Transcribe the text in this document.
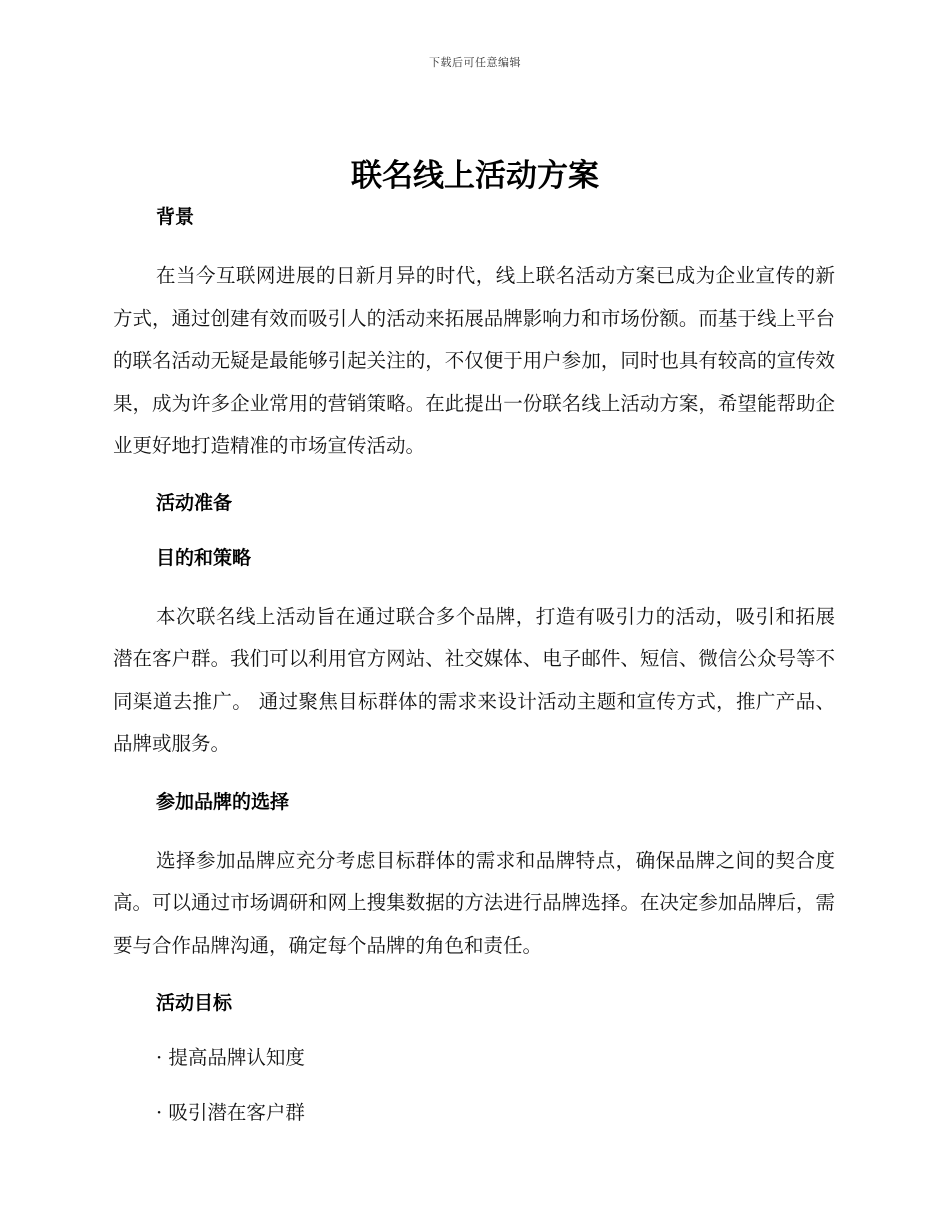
下载后可任意编辑
联名线上活动方案
背景

在当今互联网进展的日新月异的时代，线上联名活动方案已成为企业宣传的新方式，通过创建有效而吸引人的活动来拓展品牌影响力和市场份额。而基于线上平台的联名活动无疑是最能够引起关注的，不仅便于用户参加，同时也具有较高的宣传效果，成为许多企业常用的营销策略。在此提出一份联名线上活动方案，希望能帮助企业更好地打造精准的市场宣传活动。

活动准备
目的和策略

本次联名线上活动旨在通过联合多个品牌，打造有吸引力的活动，吸引和拓展潜在客户群。我们可以利用官方网站、社交媒体、电子邮件、短信、微信公众号等不同渠道去推广。 通过聚焦目标群体的需求来设计活动主题和宣传方式，推广产品、品牌或服务。

参加品牌的选择

选择参加品牌应充分考虑目标群体的需求和品牌特点，确保品牌之间的契合度高。可以通过市场调研和网上搜集数据的方法进行品牌选择。在决定参加品牌后，需要与合作品牌沟通，确定每个品牌的角色和责任。

活动目标
· 提高品牌认知度
· 吸引潜在客户群
